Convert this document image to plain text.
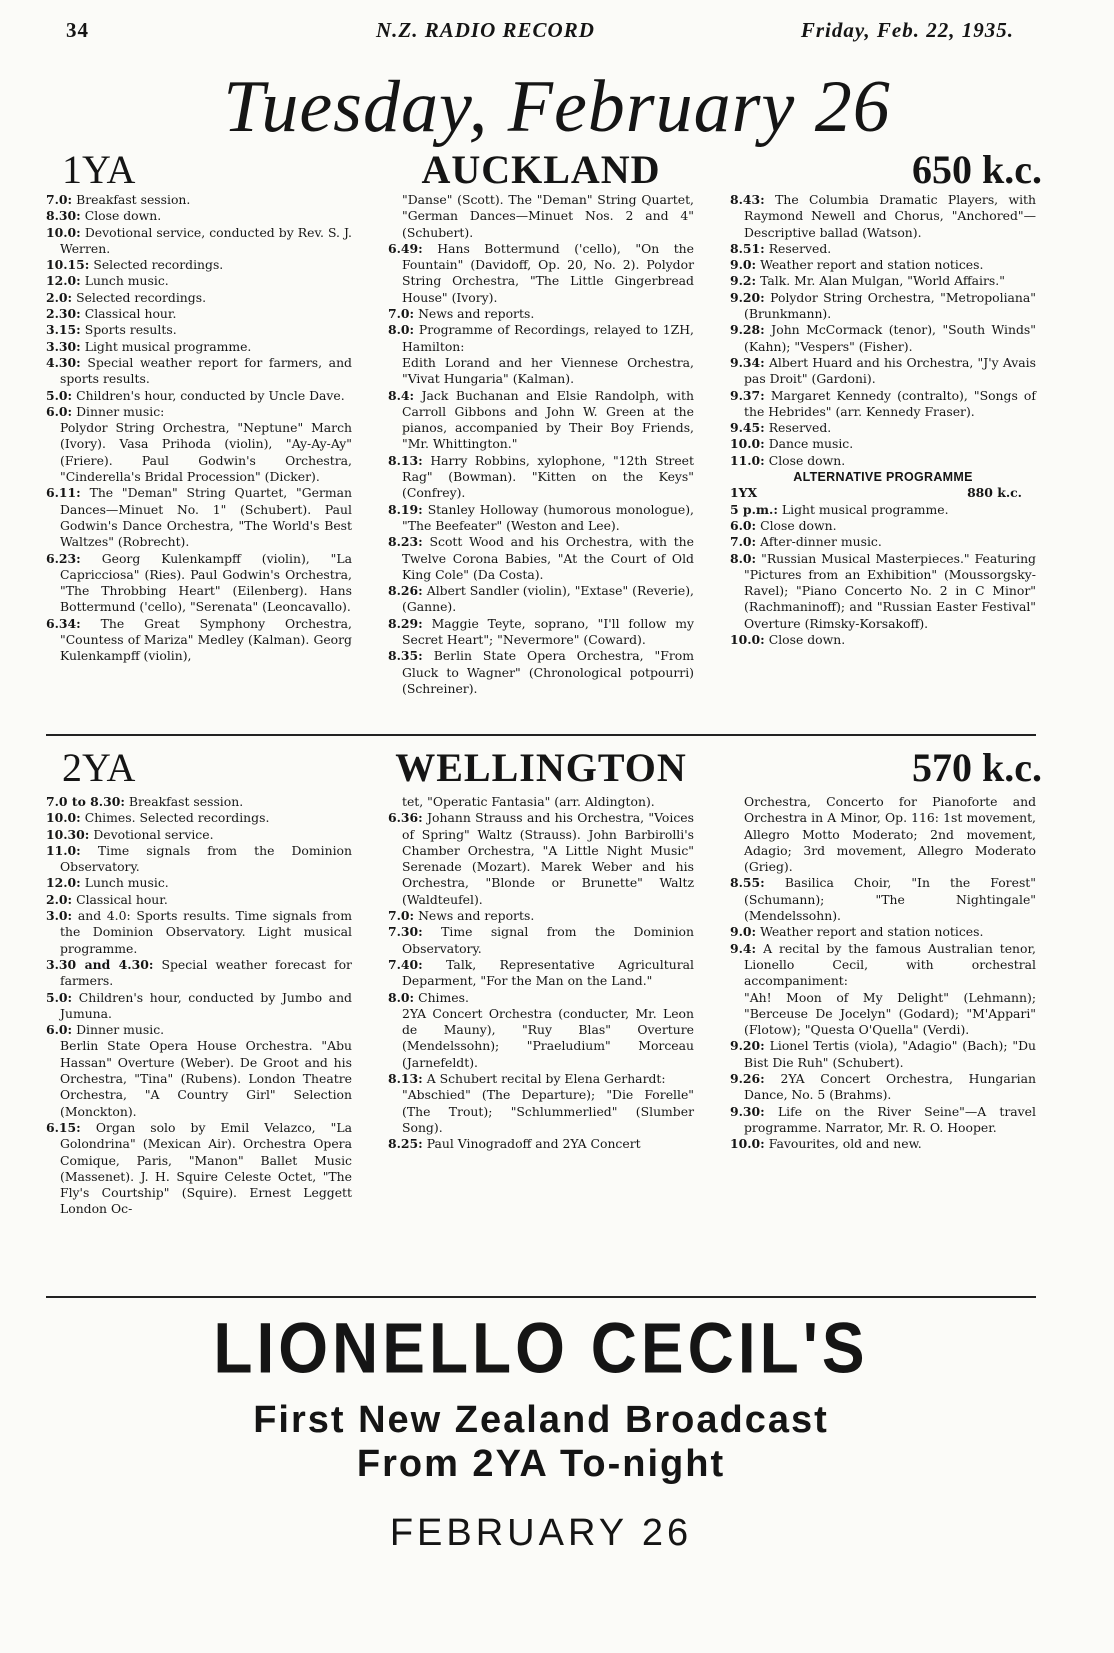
34	N.Z. RADIO RECORD	Friday, Feb. 22, 1935.
Tuesday, February 26
1YA	AUCKLAND	650 k.c.

7.0: Breakfast session.

8.30: Close down.

10.0: Devotional service, conducted by Rev. S. J. Werren.

10.15: Selected recordings.

12.0: Lunch music.

2.0: Selected recordings.

2.30: Classical hour.

3.15: Sports results.

3.30: Light musical programme.

4.30: Special weather report for farmers, and sports results.

5.0: Children's hour, conducted by Uncle Dave.

6.0: Dinner music:

Polydor String Orchestra, "Neptune" March (Ivory). Vasa Prihoda (violin), "Ay-Ay-Ay" (Friere). Paul Godwin's Orchestra, "Cinderella's Bridal Procession" (Dicker).

6.11: The "Deman" String Quartet, "German Dances—Minuet No. 1" (Schubert). Paul Godwin's Dance Orchestra, "The World's Best Waltzes" (Robrecht).

6.23: Georg Kulenkampff (violin), "La Capricciosa" (Ries). Paul Godwin's Orchestra, "The Throbbing Heart" (Eilenberg). Hans Bottermund ('cello), "Serenata" (Leoncavallo).

6.34: The Great Symphony Orchestra, "Countess of Mariza" Medley (Kalman). Georg Kulenkampff (violin),

"Danse" (Scott). The "Deman" String Quartet, "German Dances—Minuet Nos. 2 and 4" (Schubert).

6.49: Hans Bottermund ('cello), "On the Fountain" (Davidoff, Op. 20, No. 2). Polydor String Orchestra, "The Little Gingerbread House" (Ivory).

7.0: News and reports.

8.0: Programme of Recordings, relayed to 1ZH, Hamilton:

Edith Lorand and her Viennese Orchestra, "Vivat Hungaria" (Kalman).

8.4: Jack Buchanan and Elsie Randolph, with Carroll Gibbons and John W. Green at the pianos, accompanied by Their Boy Friends, "Mr. Whittington."

8.13: Harry Robbins, xylophone, "12th Street Rag" (Bowman). "Kitten on the Keys" (Confrey).

8.19: Stanley Holloway (humorous monologue), "The Beefeater" (Weston and Lee).

8.23: Scott Wood and his Orchestra, with the Twelve Corona Babies, "At the Court of Old King Cole" (Da Costa).

8.26: Albert Sandler (violin), "Extase" (Reverie), (Ganne).

8.29: Maggie Teyte, soprano, "I'll follow my Secret Heart"; "Nevermore" (Coward).

8.35: Berlin State Opera Orchestra, "From Gluck to Wagner" (Chronological potpourri) (Schreiner).

8.43: The Columbia Dramatic Players, with Raymond Newell and Chorus, "Anchored"—Descriptive ballad (Watson).

8.51: Reserved.

9.0: Weather report and station notices.

9.2: Talk. Mr. Alan Mulgan, "World Affairs."

9.20: Polydor String Orchestra, "Metropoliana" (Brunkmann).

9.28: John McCormack (tenor), "South Winds" (Kahn); "Vespers" (Fisher).

9.34: Albert Huard and his Orchestra, "J'y Avais pas Droit" (Gardoni).

9.37: Margaret Kennedy (contralto), "Songs of the Hebrides" (arr. Kennedy Fraser).

9.45: Reserved.

10.0: Dance music.

11.0: Close down.

ALTERNATIVE PROGRAMME

1YX	880 k.c.

5 p.m.: Light musical programme.

6.0: Close down.

7.0: After-dinner music.

8.0: "Russian Musical Masterpieces." Featuring "Pictures from an Exhibition" (Moussorgsky-Ravel); "Piano Concerto No. 2 in C Minor" (Rachmaninoff); and "Russian Easter Festival" Overture (Rimsky-Korsakoff).

10.0: Close down.

2YA	WELLINGTON	570 k.c.

7.0 to 8.30: Breakfast session.

10.0: Chimes. Selected recordings.

10.30: Devotional service.

11.0: Time signals from the Dominion Observatory.

12.0: Lunch music.

2.0: Classical hour.

3.0: and 4.0: Sports results. Time signals from the Dominion Observatory. Light musical programme.

3.30 and 4.30: Special weather forecast for farmers.

5.0: Children's hour, conducted by Jumbo and Jumuna.

6.0: Dinner music.

Berlin State Opera House Orchestra. "Abu Hassan" Overture (Weber). De Groot and his Orchestra, "Tina" (Rubens). London Theatre Orchestra, "A Country Girl" Selection (Monckton).

6.15: Organ solo by Emil Velazco, "La Golondrina" (Mexican Air). Orchestra Opera Comique, Paris, "Manon" Ballet Music (Massenet). J. H. Squire Celeste Octet, "The Fly's Courtship" (Squire). Ernest Leggett London Oc-

tet, "Operatic Fantasia" (arr. Aldington).

6.36: Johann Strauss and his Orchestra, "Voices of Spring" Waltz (Strauss). John Barbirolli's Chamber Orchestra, "A Little Night Music" Serenade (Mozart). Marek Weber and his Orchestra, "Blonde or Brunette" Waltz (Waldteufel).

7.0: News and reports.

7.30: Time signal from the Dominion Observatory.

7.40: Talk, Representative Agricultural Deparment, "For the Man on the Land."

8.0: Chimes.

2YA Concert Orchestra (conducter, Mr. Leon de Mauny), "Ruy Blas" Overture (Mendelssohn); "Praeludium" Morceau (Jarnefeldt).

8.13: A Schubert recital by Elena Gerhardt:

"Abschied" (The Departure); "Die Forelle" (The Trout); "Schlummerlied" (Slumber Song).

8.25: Paul Vinogradoff and 2YA Concert

Orchestra, Concerto for Pianoforte and Orchestra in A Minor, Op. 116: 1st movement, Allegro Motto Moderato; 2nd movement, Adagio; 3rd movement, Allegro Moderato (Grieg).

8.55: Basilica Choir, "In the Forest" (Schumann); "The Nightingale" (Mendelssohn).

9.0: Weather report and station notices.

9.4: A recital by the famous Australian tenor, Lionello Cecil, with orchestral accompaniment:

"Ah! Moon of My Delight" (Lehmann); "Berceuse De Jocelyn" (Godard); "M'Appari" (Flotow); "Questa O'Quella" (Verdi).

9.20: Lionel Tertis (viola), "Adagio" (Bach); "Du Bist Die Ruh" (Schubert).

9.26: 2YA Concert Orchestra, Hungarian Dance, No. 5 (Brahms).

9.30: Life on the River Seine"—A travel programme. Narrator, Mr. R. O. Hooper.

10.0: Favourites, old and new.

LIONELLO CECIL'S
First New Zealand Broadcast
From 2YA To-night
FEBRUARY 26
